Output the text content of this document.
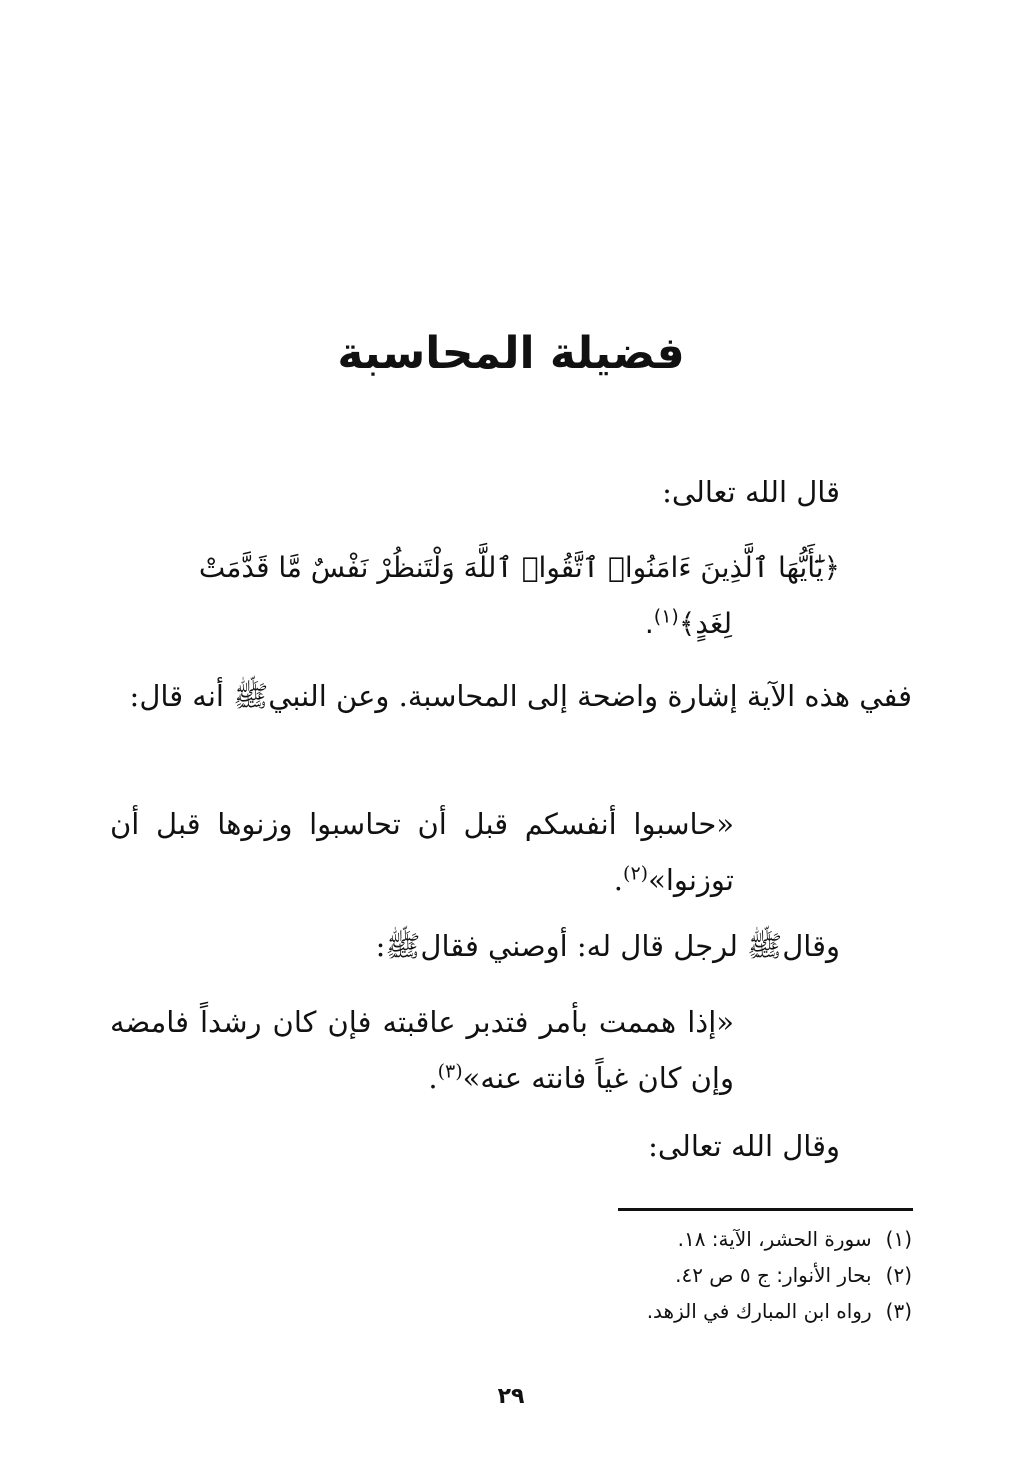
فضيلة المحاسبة
قال الله تعالى:
﴿يَٰٓأَيُّهَا ٱلَّذِينَ ءَامَنُوا۟ ٱتَّقُوا۟ ٱللَّهَ وَلْتَنظُرْ نَفْسٌ مَّا قَدَّمَتْ
لِغَدٍ﴾$^{(١)}$.
ففي هذه الآية إشارة واضحة إلى المحاسبة. وعن النبيﷺ أنه قال:
«حاسبوا أنفسكم قبل أن تحاسبوا وزنوها قبل أن توزنوا»$^{(٢)}$.
وقالﷺ لرجل قال له: أوصني فقالﷺ:
«إذا هممت بأمر فتدبر عاقبته فإن كان رشداً فامضه وإن كان غياً فانته عنه»$^{(٣)}$.
وقال الله تعالى:
(١)سورة الحشر، الآية: ١٨.
(٢)بحار الأنوار: ج ٥ ص ٤٢.
(٣)رواه ابن المبارك في الزهد.
٢٩
